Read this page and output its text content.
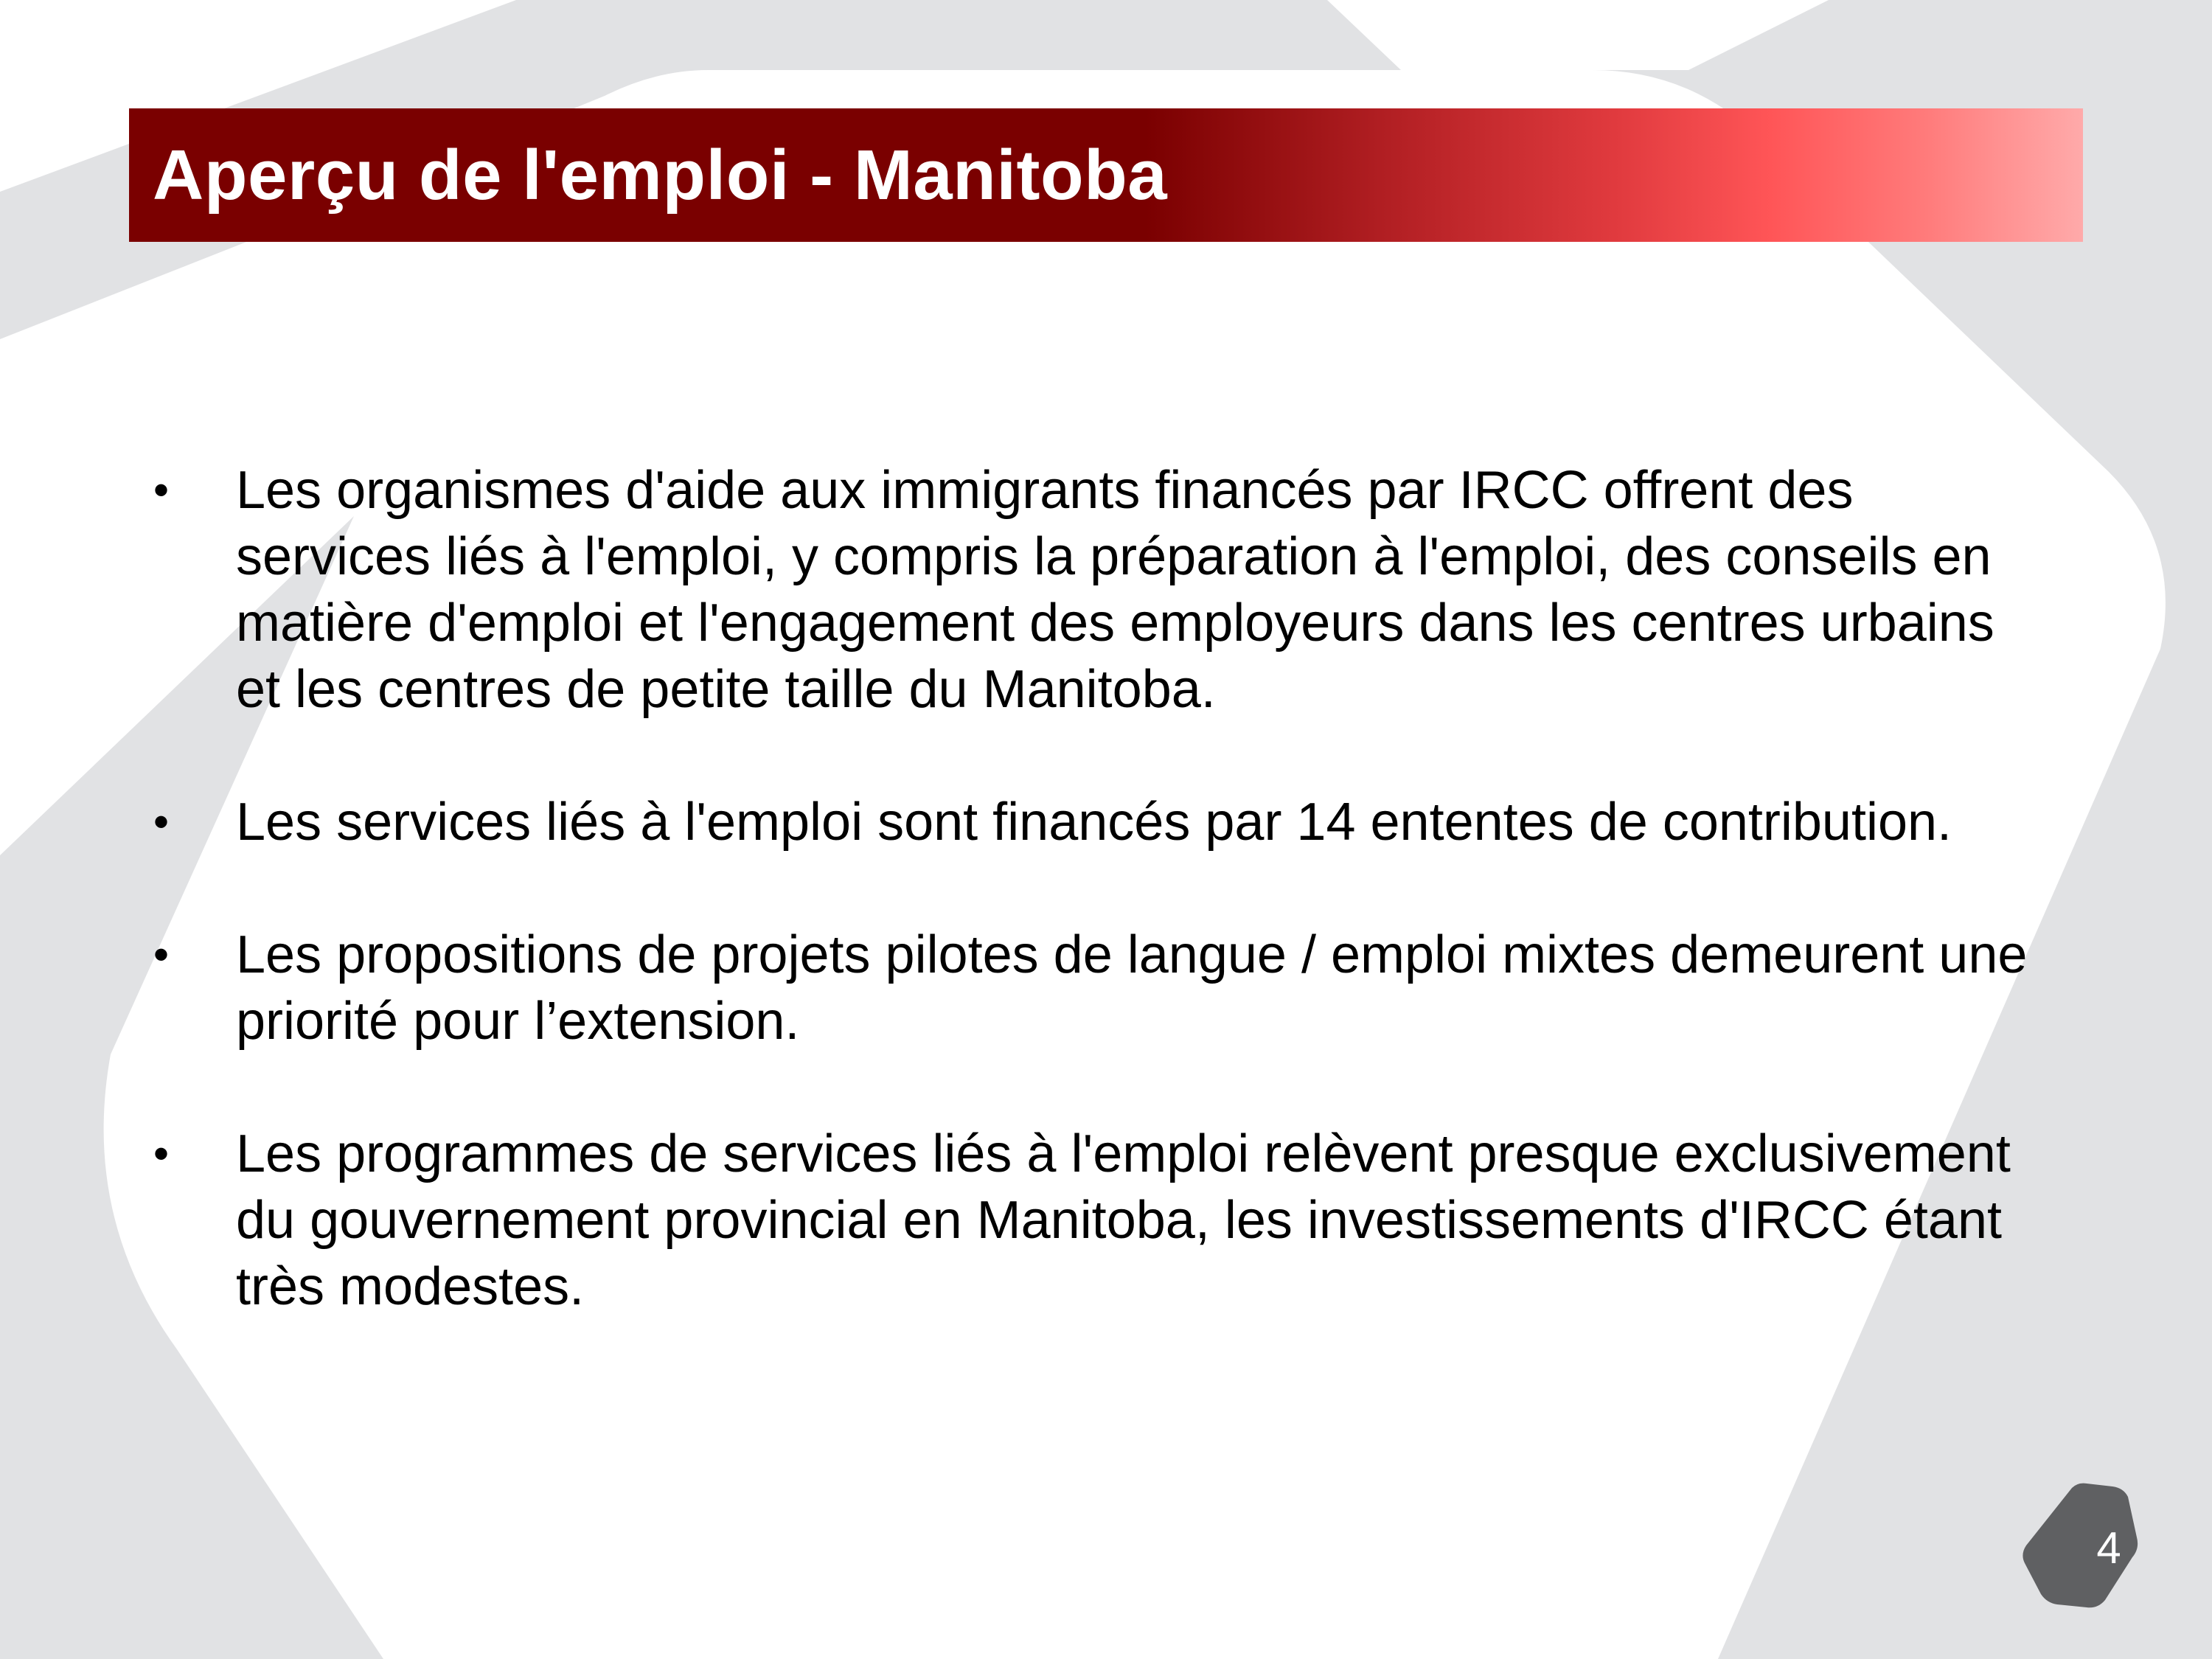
Aperçu de l'emploi - Manitoba
• Les organismes d'aide aux immigrants financés par IRCC offrent des services liés à l'emploi, y compris la préparation à l'emploi, des conseils en matière d'emploi et l'engagement des employeurs dans les centres urbains et les centres de petite taille du Manitoba.
• Les services liés à l'emploi sont financés par 14 ententes de contribution.
• Les propositions de projets pilotes de langue / emploi mixtes demeurent une priorité pour l’extension.
• Les programmes de services liés à l'emploi relèvent presque exclusivement du gouvernement provincial en Manitoba, les investissements d'IRCC étant très modestes.
4
